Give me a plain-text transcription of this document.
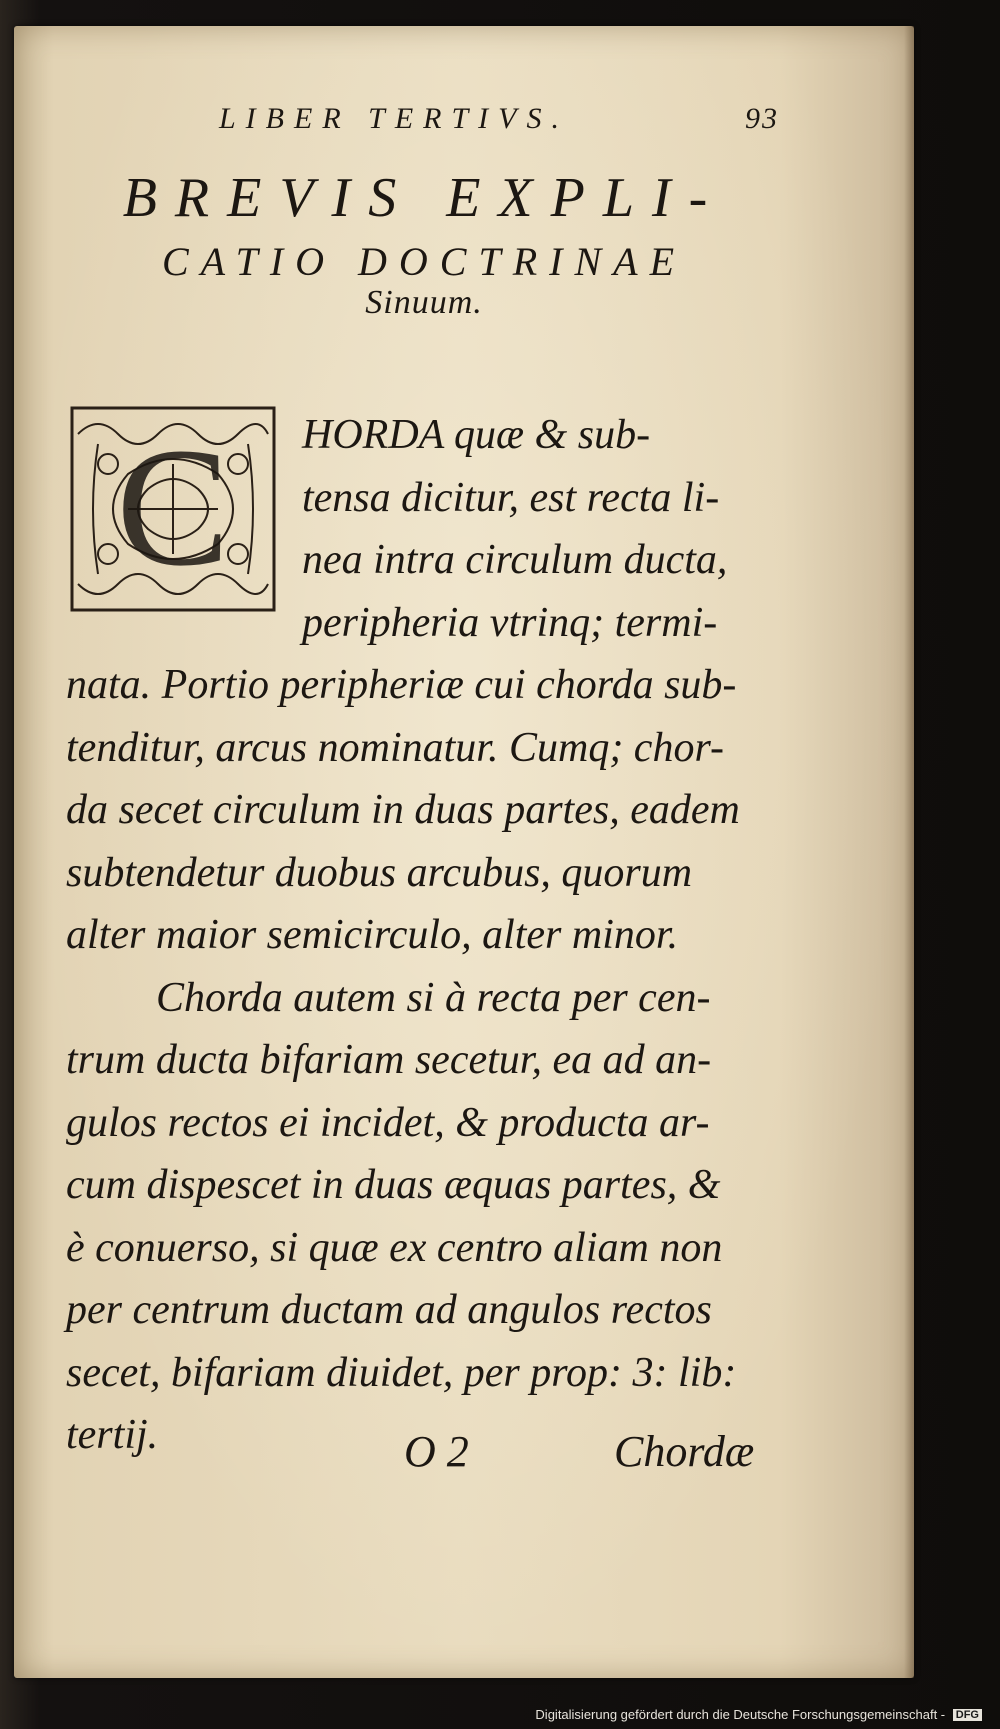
LIBER TERTIVS.	93
BREVIS EXPLI-
CATIO DOCTRINAE
Sinuum.
C	HORDA quæ & sub-
tensa dicitur, est recta li-
nea intra circulum ducta,
peripheria vtrinq; termi-
nata. Portio peripheriæ cui chorda sub-
tenditur, arcus nominatur. Cumq; chor-
da secet circulum in duas partes, eadem
subtendetur duobus arcubus, quorum
alter maior semicirculo, alter minor.
Chorda autem si à recta per cen-
trum ducta bifariam secetur, ea ad an-
gulos rectos ei incidet, & producta ar-
cum dispescet in duas æquas partes, &
è conuerso, si quæ ex centro aliam non
per centrum ductam ad angulos rectos
secet, bifariam diuidet, per prop: 3: lib:
tertij.	O 2	Chordæ
Digitalisierung gefördert durch die Deutsche Forschungsgemeinschaft - DFG
